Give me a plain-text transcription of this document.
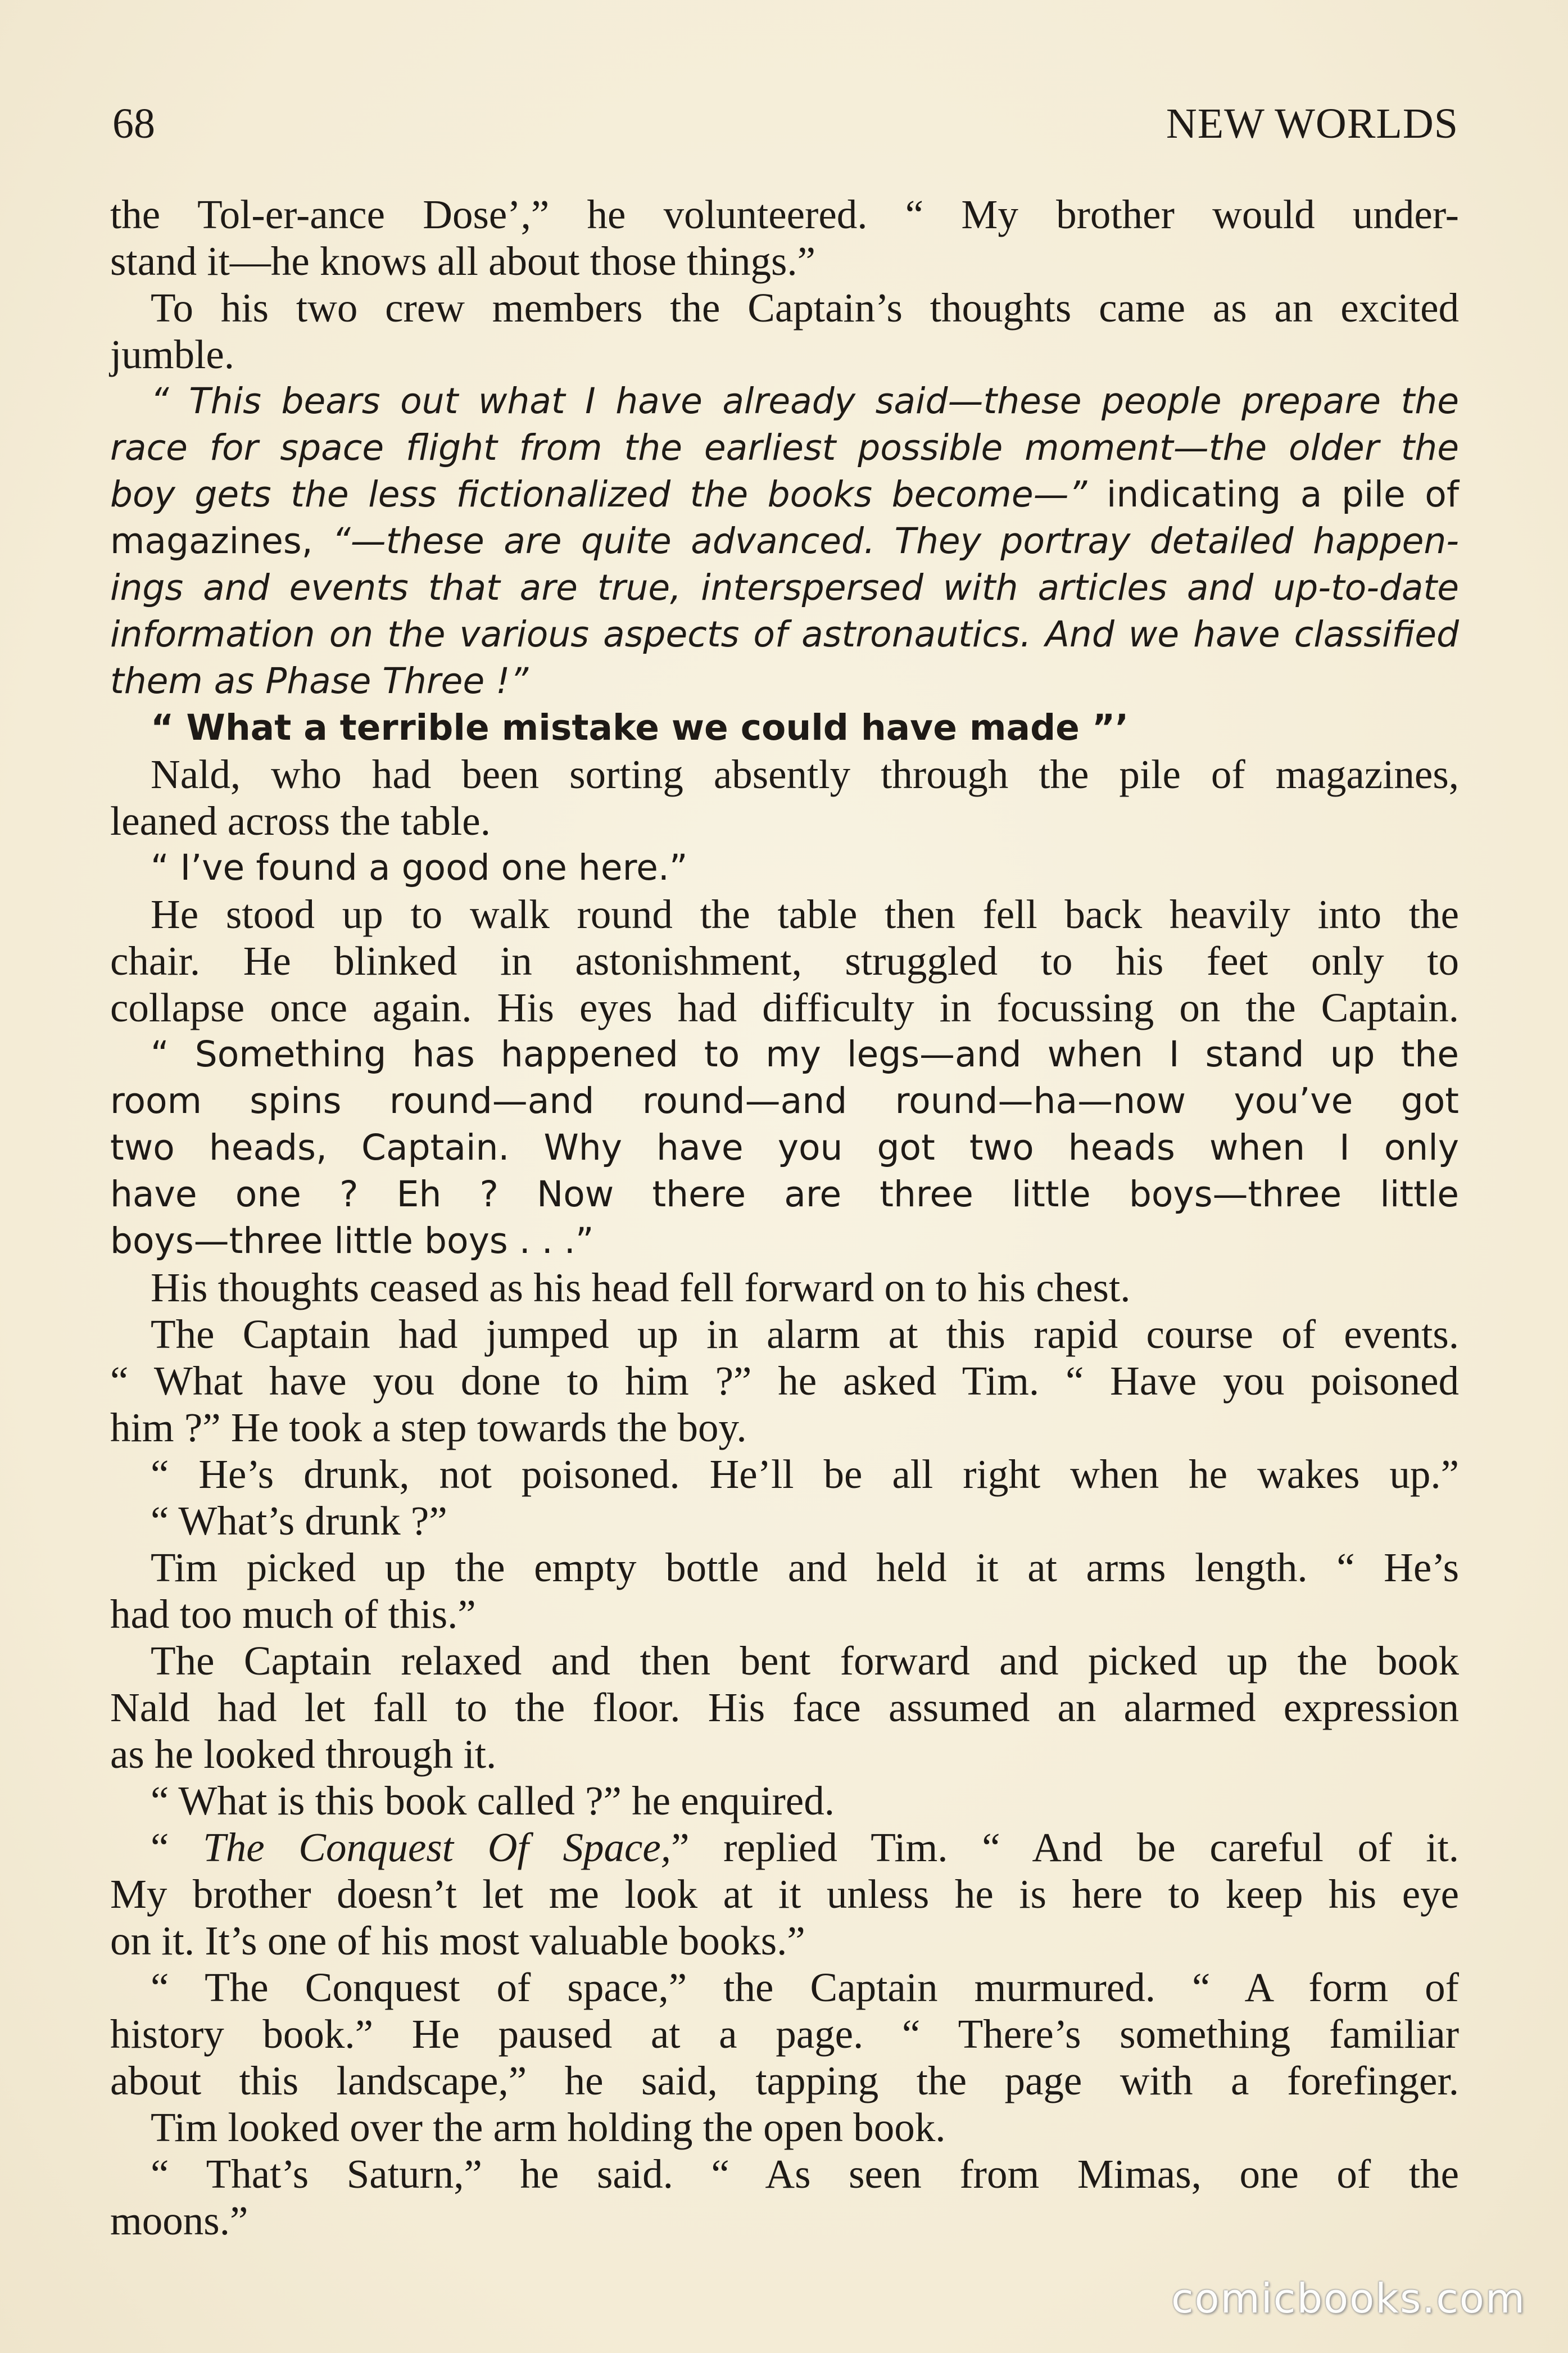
68	NEW WORLDS
the Tol-er-ance Dose’,” he volunteered. “ My brother would under-
stand it—he knows all about those things.”
To his two crew members the Captain’s thoughts came as an excited
jumble.
“ This bears out what I have already said—these people prepare the
race for space flight from the earliest possible moment—the older the
boy gets the less fictionalized the books become—” indicating a pile of
magazines, “—these are quite advanced. They portray detailed happen-
ings and events that are true, interspersed with articles and up-to-date
information on the various aspects of astronautics. And we have classified
them as Phase Three !”
“ What a terrible mistake we could have made ”’
Nald, who had been sorting absently through the pile of magazines,
leaned across the table.
“ I’ve found a good one here.”
He stood up to walk round the table then fell back heavily into the
chair. He blinked in astonishment, struggled to his feet only to
collapse once again. His eyes had difficulty in focussing on the Captain.
“ Something has happened to my legs—and when I stand up the
room spins round—and round—and round—ha—now you’ve got
two heads, Captain. Why have you got two heads when I only
have one ? Eh ? Now there are three little boys—three little
boys—three little boys . . .”
His thoughts ceased as his head fell forward on to his chest.
The Captain had jumped up in alarm at this rapid course of events.
“ What have you done to him ?” he asked Tim. “ Have you poisoned
him ?” He took a step towards the boy.
“ He’s drunk, not poisoned. He’ll be all right when he wakes up.”
“ What’s drunk ?”
Tim picked up the empty bottle and held it at arms length. “ He’s
had too much of this.”
The Captain relaxed and then bent forward and picked up the book
Nald had let fall to the floor. His face assumed an alarmed expression
as he looked through it.
“ What is this book called ?” he enquired.
“ The Conquest Of Space,” replied Tim. “ And be careful of it.
My brother doesn’t let me look at it unless he is here to keep his eye
on it. It’s one of his most valuable books.”
“ The Conquest of space,” the Captain murmured. “ A form of
history book.” He paused at a page. “ There’s something familiar
about this landscape,” he said, tapping the page with a forefinger.
Tim looked over the arm holding the open book.
“ That’s Saturn,” he said. “ As seen from Mimas, one of the
moons.”
comicbooks.com
